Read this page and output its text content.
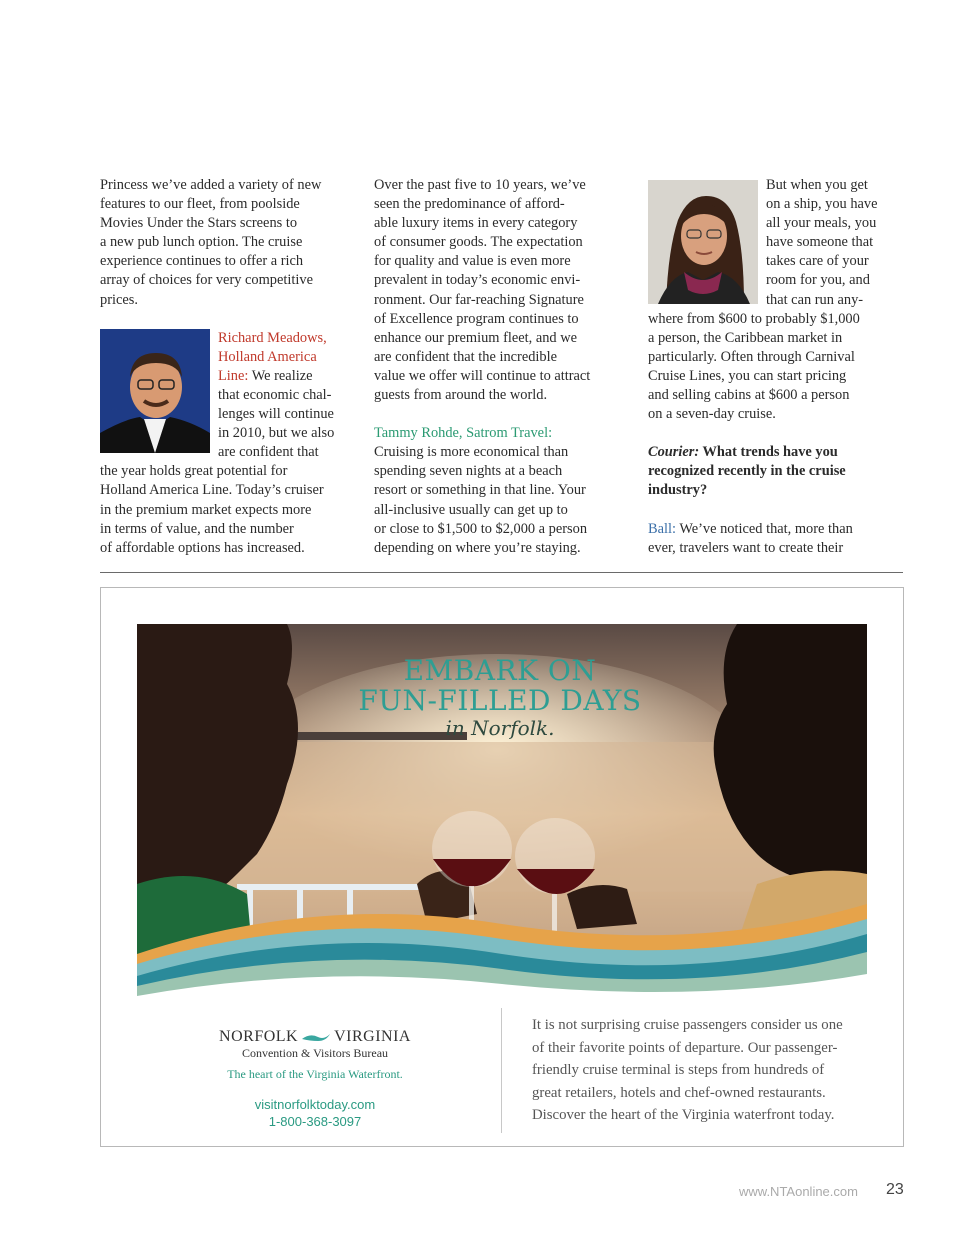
Princess we’ve added a variety of new

features to our fleet, from poolside

Movies Under the Stars screens to

a new pub lunch option. The cruise

experience continues to offer a rich

array of choices for very competitive

prices.

Richard Meadows,

Holland America

Line: We realize

that economic chal-

lenges will continue

in 2010, but we also

are confident that

the year holds great potential for

Holland America Line. Today’s cruiser

in the premium market expects more

in terms of value, and the number

of affordable options has increased.

Over the past five to 10 years, we’ve

seen the predominance of afford-

able luxury items in every category

of consumer goods. The expectation

for quality and value is even more

prevalent in today’s economic envi-

ronment. Our far-reaching Signature

of Excellence program continues to

enhance our premium fleet, and we

are confident that the incredible

value we offer will continue to attract

guests from around the world.

Tammy Rohde, Satrom Travel:

Cruising is more economical than

spending seven nights at a beach

resort or something in that line. Your

all-inclusive usually can get up to

or close to $1,500 to $2,000 a person

depending on where you’re staying.

But when you get

on a ship, you have

all your meals, you

have someone that

takes care of your

room for you, and

that can run any-

where from $600 to probably $1,000

a person, the Caribbean market in

particularly. Often through Carnival

Cruise Lines, you can start pricing

and selling cabins at $600 a person

on a seven-day cruise.

Courier: What trends have you

recognized recently in the cruise

industry?

Ball: We’ve noticed that, more than

ever, travelers want to create their

EMBARK ON
FUN-FILLED DAYS
in Norfolk.
NORFOLK VIRGINIA
Convention & Visitors Bureau
The heart of the Virginia Waterfront.
visitnorfolktoday.com
1-800-368-3097
It is not surprising cruise passengers consider us one
of their favorite points of departure. Our passenger-
friendly cruise terminal is steps from hundreds of
great retailers, hotels and chef-owned restaurants.
Discover the heart of the Virginia waterfront today.
www.NTAonline.com 23
